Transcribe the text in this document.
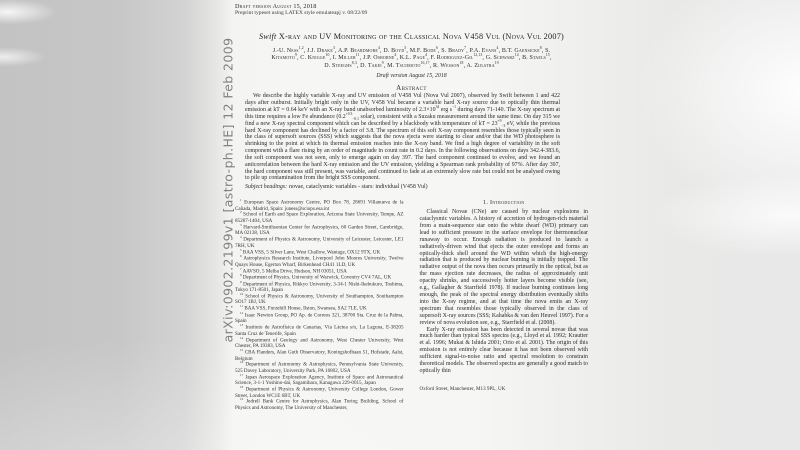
arXiv:0902.2199v1 [astro-ph.HE] 12 Feb 2009
Draft version August 15, 2018
Preprint typeset using LATEX style emulateapj v. 08/22/09
Swift X-ray and UV Monitoring of the Classical Nova V458 Vul (Nova Vul 2007)
J.-U. Ness$^{1,2}$, J.J. Drake$^3$, A.P. Beardmore$^4$, D. Boyd$^5$, M.F. Bode$^6$, S. Brady$^7$, P.A. Evans$^4$, B.T. Gaensicke$^8$, S.
Kitamoto$^9$, C. Knigge$^{10}$, I. Miller$^{11}$, J.P. Osborne$^4$, K.L. Page$^4$, F. Rodriguez-Gil$^{12,13}$, G. Schwarz$^{14}$, B. Staels$^{15}$,
D. Steeghs$^{8,3}$, D. Takei$^9$, M. Tsujimoto$^{16,17}$, R. Wesson$^{18}$, A. Zijlstra$^{19}$
Draft version August 15, 2018
Abstract

We describe the highly variable X-ray and UV emission of V458 Vul (Nova Vul 2007), observed by Swift between 1 and 422 days after outburst. Initially bright only in the UV, V458 Vul became a variable hard X-ray source due to optically thin thermal emission at kT = 0.64 keV with an X-ray band unabsorbed luminosity of $2.3\times 10^{34}$ erg $s^{-1}$ during days 71-140. The X-ray spectrum at this time requires a low Fe abundance ($0.2^{+0.3}_{-0.1}$ solar), consistent with a Suzaku measurement around the same time. On day 315 we find a new X-ray spectral component which can be described by a blackbody with temperature of kT = $23^{+9}_{-3}$ eV, while the previous hard X-ray component has declined by a factor of 3.8. The spectrum of this soft X-ray component resembles those typically seen in the class of supersoft sources (SSS) which suggests that the nova ejecta were starting to clear and/or that the WD photosphere is shrinking to the point at which its thermal emission reaches into the X-ray band. We find a high degree of variability in the soft component with a flare rising by an order of magnitude in count rate in 0.2 days. In the following observations on days 342.4-383.6, the soft component was not seen, only to emerge again on day 397. The hard component continued to evolve, and we found an anticorrelation between the hard X-ray emission and the UV emission, yielding a Spearman rank probability of 97%. After day 397, the hard component was still present, was variable, and continued to fade at an extremely slow rate but could not be analysed owing to pile up contamination from the bright SSS component.

Subject headings: novae, cataclysmic variables - stars: individual (V458 Vul)

$^1$ European Space Astronomy Centre, PO Box 78, 28691 Villanueva de la Cañada, Madrid, Spain: juness@sciops.esa.int

$^2$ School of Earth and Space Exploration, Arizona State University, Tempe, AZ 85287-1404, USA

$^3$ Harvard-Smithsonian Center for Astrophysics, 60 Garden Street, Cambridge, MA 02138, USA

$^4$ Department of Physics & Astronomy, University of Leicester, Leicester, LE1 7RH, UK

$^5$ BAA VSS, 5 Silver Lane, West Challow, Wantage, OX12 9TX, UK

$^6$ Astrophysics Research Institute, Liverpool John Moores University, Twelve Quays House, Egerton Wharf, Birkenhead CH41 1LD, UK

$^7$ AAVSO, 5 Melba Drive, Hudson, NH 03051, USA

$^8$ Department of Physics, University of Warwick, Coventry CV4 7AL, UK

$^9$ Department of Physics, Rikkyo University, 3-34-1 Nishi-Ikebukuro, Toshima, Tokyo 171-8501, Japan

$^{10}$ School of Physics & Astronomy, University of Southampton, Southampton SO17 1BJ, UK

$^{11}$ BAA VSS, Furzehill House, Ilston, Swansea, SA2 7LE, UK

$^{12}$ Isaac Newton Group, PO Ap. de Correos 321, 38700 Sta. Cruz de la Palma, Spain

$^{13}$ Instituto de Astrofísica de Canarias, Vía Láctea s/n, La Laguna, E-38205 Santa Cruz de Tenerife, Spain

$^{14}$ Department of Geology and Astronomy, West Chester University, West Chester, PA 19383, USA

$^{15}$ CBA Flanders, Alan Guth Observatory, Koningshofbaan 51, Hofstade, Aalst, Belgium

$^{16}$ Department of Astronomy & Astrophysics, Pennsylvania State University, 525 Davey Laboratory, University Park, PA 16802, USA

$^{17}$ Japan Aerospace Exploration Agency, Institute of Space and Astronautical Science, 3-1-1 Yoshino-dai, Sagamihara, Kanagawa 229-0015, Japan

$^{18}$ Department of Physics & Astronomy, University College London, Gower Street, London WC1E 6BT, UK

$^{19}$ Jodrell Bank Centre for Astrophysics, Alan Turing Building, School of Physics and Astronomy, The University of Manchester,

1. Introduction

Classical Novae (CNe) are caused by nuclear explosions in cataclysmic variables. A history of accretion of hydrogen-rich material from a main-sequence star onto the white dwarf (WD) primary can lead to sufficient pressure in the surface envelope for thermonuclear runaway to occur. Enough radiation is produced to launch a radiatively-driven wind that ejects the outer envelope and forms an optically-thick shell around the WD within which the high-energy radiation that is produced by nuclear burning is initially trapped. The radiative output of the nova then occurs primarily in the optical, but as the mass ejection rate decreases, the radius of approximately unit opacity shrinks, and successively hotter layers become visible (see, e.g., Gallagher & Starrfield 1978). If nuclear burning continues long enough, the peak of the spectral energy distribution eventually shifts into the X-ray regime, and at that time the nova emits an X-ray spectrum that resembles those typically observed in the class of supersoft X-ray sources (SSS; Kahabka & van den Heuvel 1997). For a review of nova evolution see, e.g., Starrfield et al. (2008).

Early X-ray emission has been detected in several novae that was much harder than typical SSS spectra (e.g., Lloyd et al. 1992; Krautter et al. 1996; Mukai & Ishida 2001; Orio et al. 2001). The origin of this emission is not entirely clear because it has not been observed with sufficient signal-to-noise ratio and spectral resolution to constrain theoretical models. The observed spectra are generally a good match to optically thin

Oxford Street, Manchester, M13 9PL, UK
